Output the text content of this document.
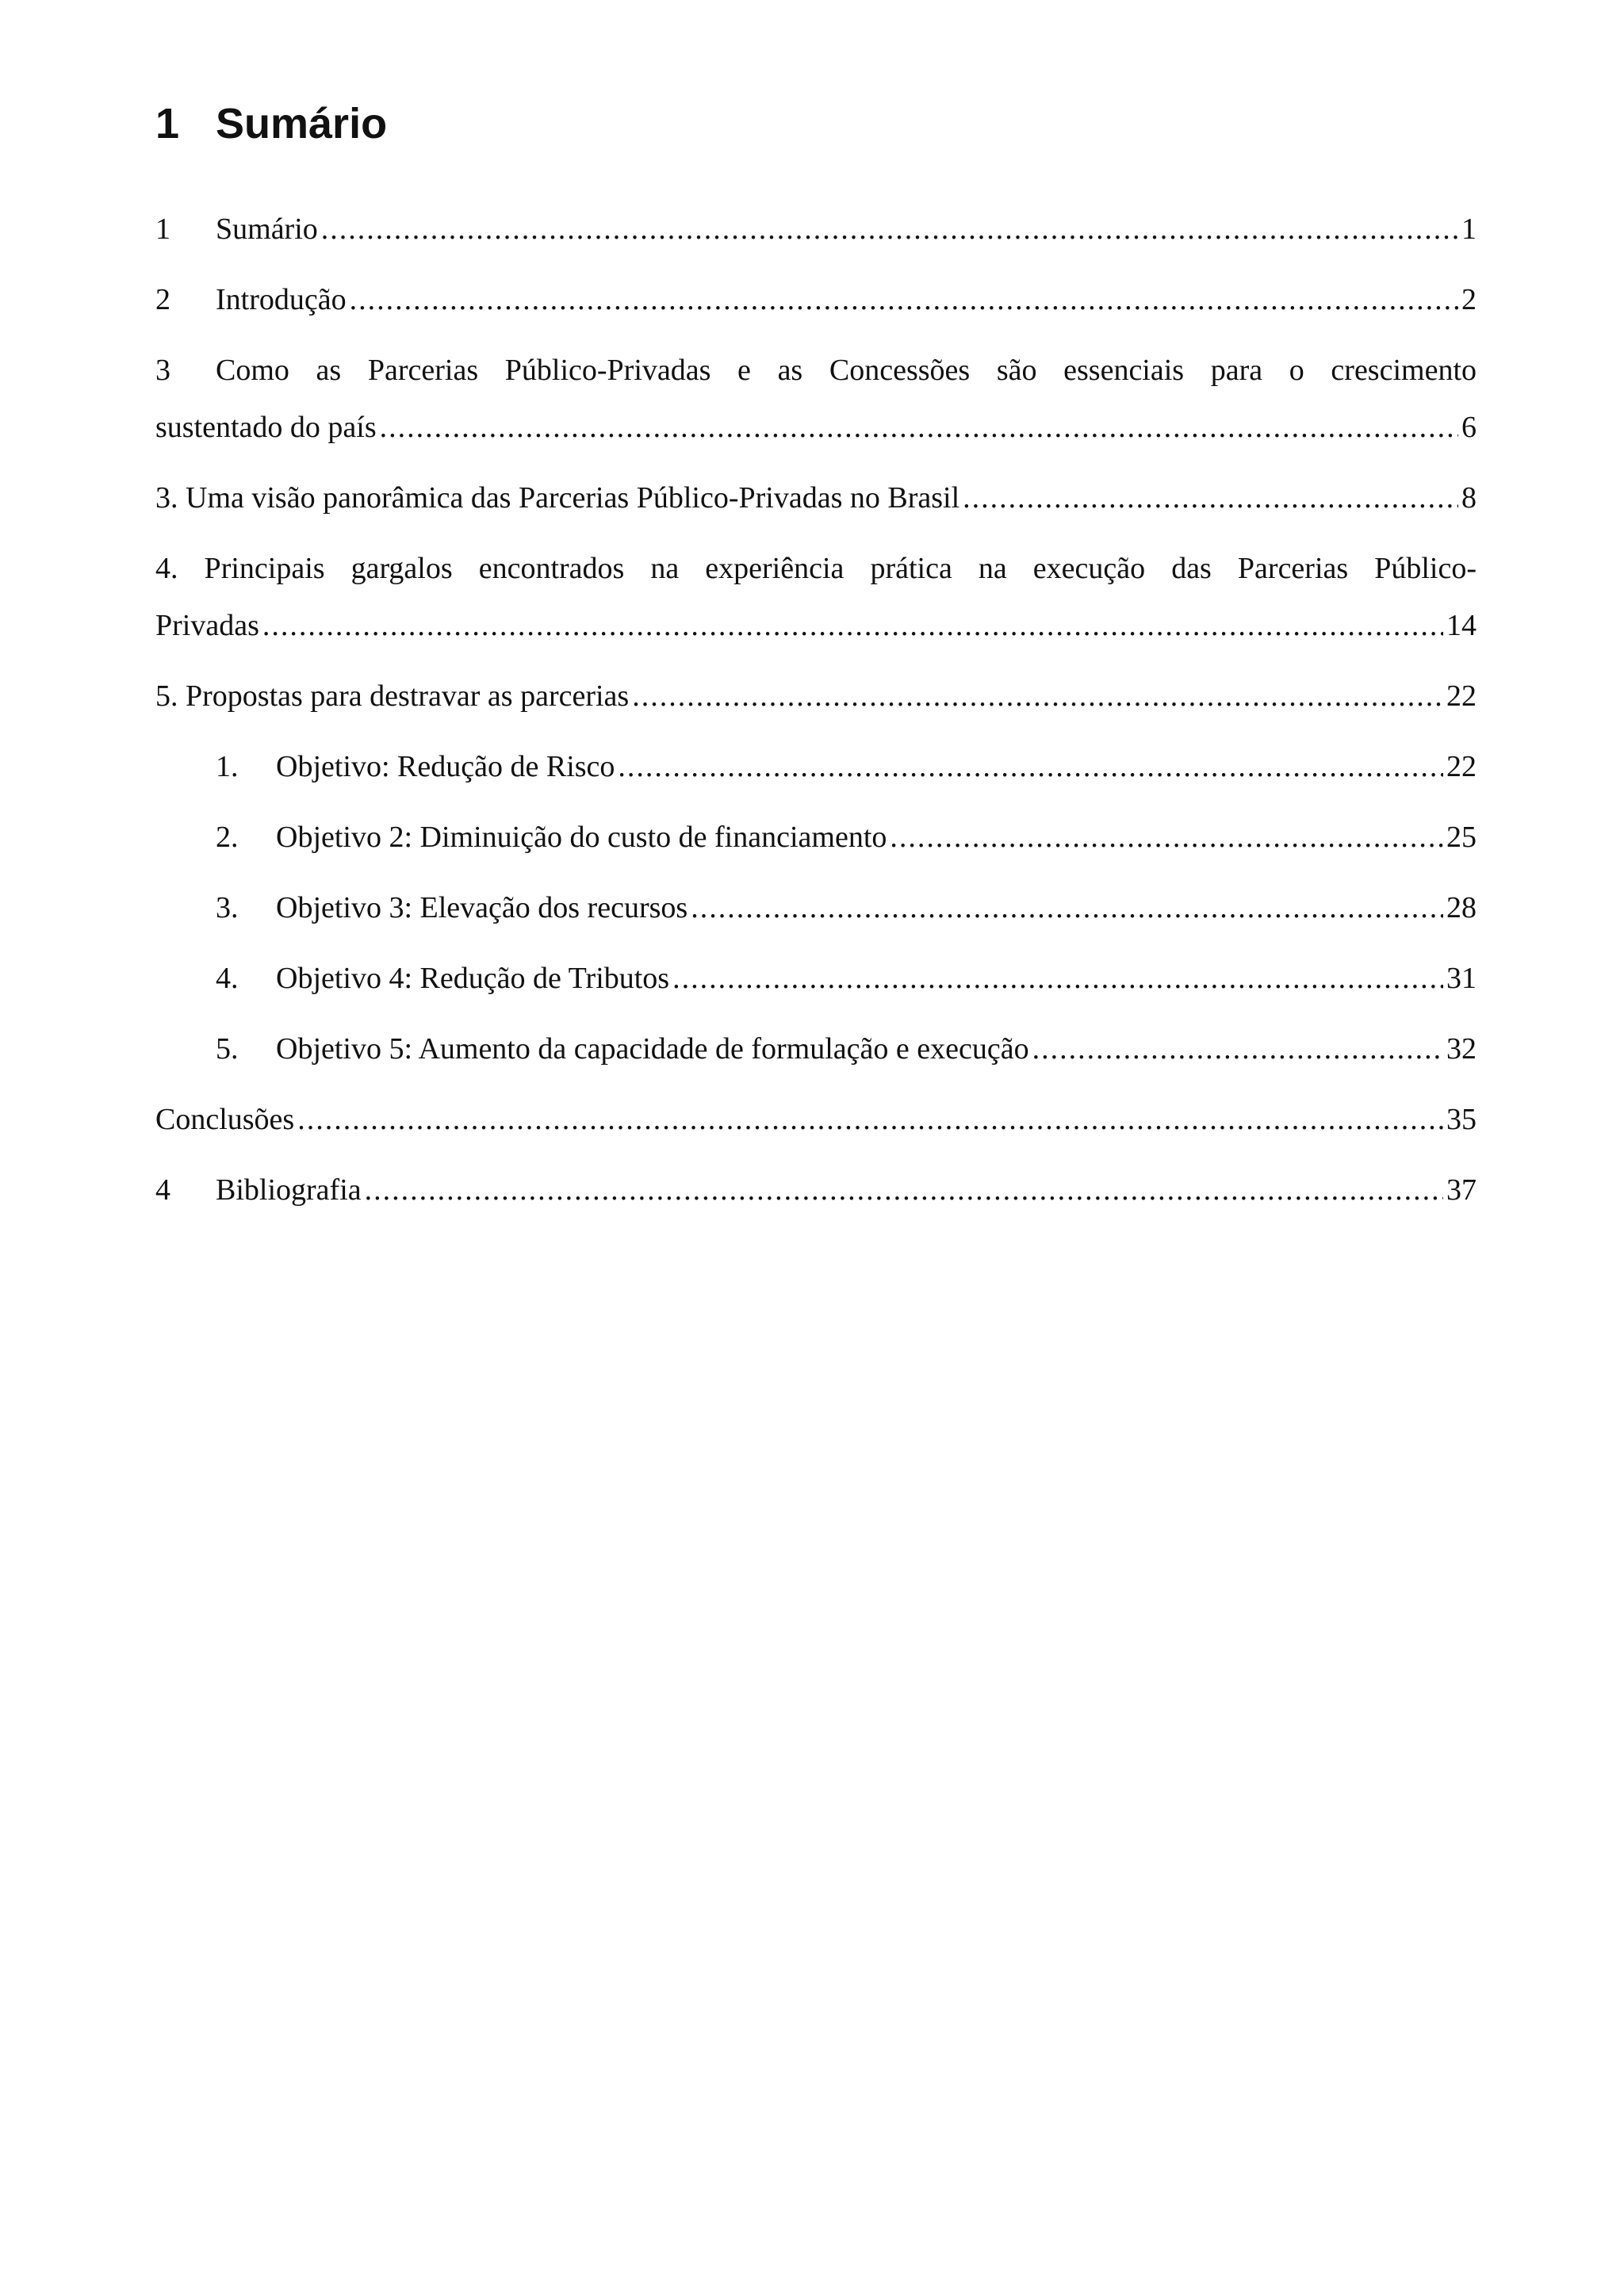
1 Sumário
1	Sumário .....	1
2	Introdução .....	2
3 Como as Parcerias Público-Privadas e as Concessões são essenciais para o crescimento
sustentado do país .....	6
3. Uma visão panorâmica das Parcerias Público-Privadas no Brasil .....	8
4. Principais gargalos encontrados na experiência prática na execução das Parcerias Público-
Privadas .....	14
5. Propostas para destravar as parcerias .....	22
1.	Objetivo: Redução de Risco .....	22
2.	Objetivo 2: Diminuição do custo de financiamento .....	25
3.	Objetivo 3: Elevação dos recursos .....	28
4.	Objetivo 4: Redução de Tributos .....	31
5.	Objetivo 5: Aumento da capacidade de formulação e execução .....	32
Conclusões .....	35
4	Bibliografia .....	37
